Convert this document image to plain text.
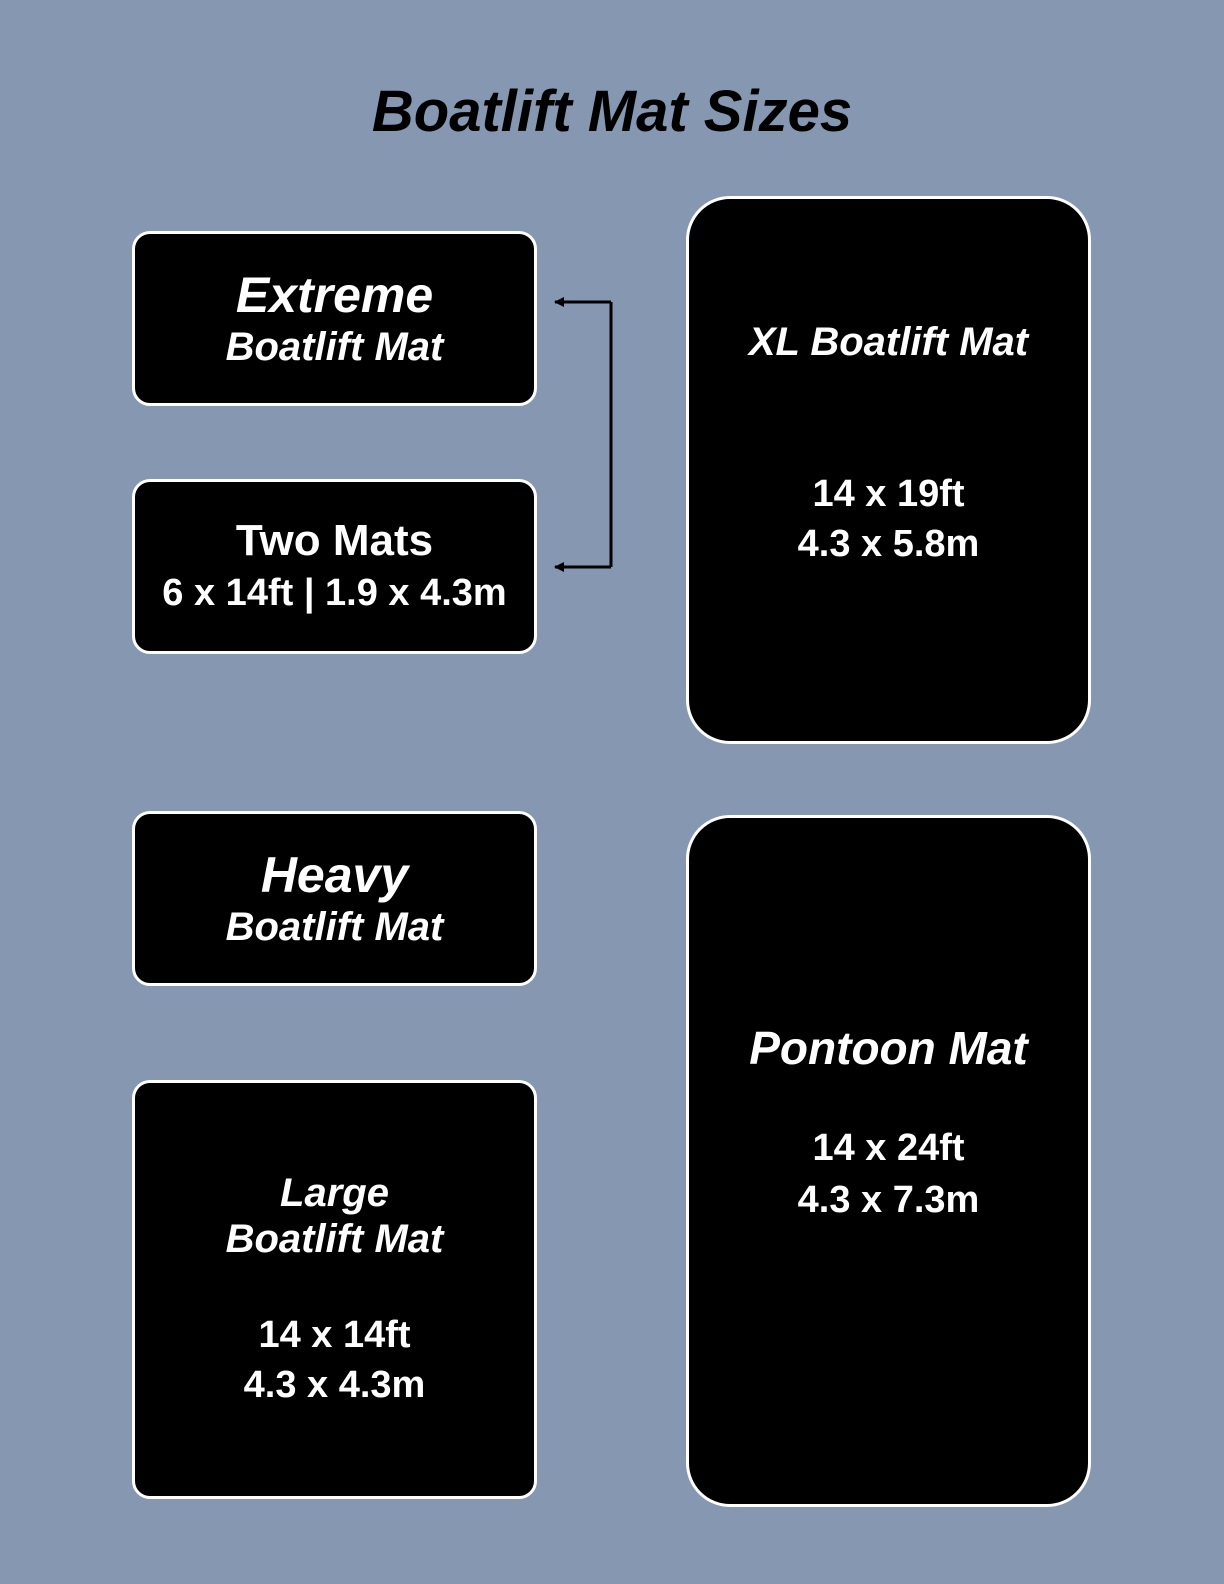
Boatlift Mat Sizes
Extreme
Boatlift Mat
Two Mats
6 x 14ft | 1.9 x 4.3m
XL Boatlift Mat
14 x 19ft
4.3 x 5.8m
Heavy
Boatlift Mat
Large
Boatlift Mat
14 x 14ft
4.3 x 4.3m
Pontoon Mat
14 x 24ft
4.3 x 7.3m
